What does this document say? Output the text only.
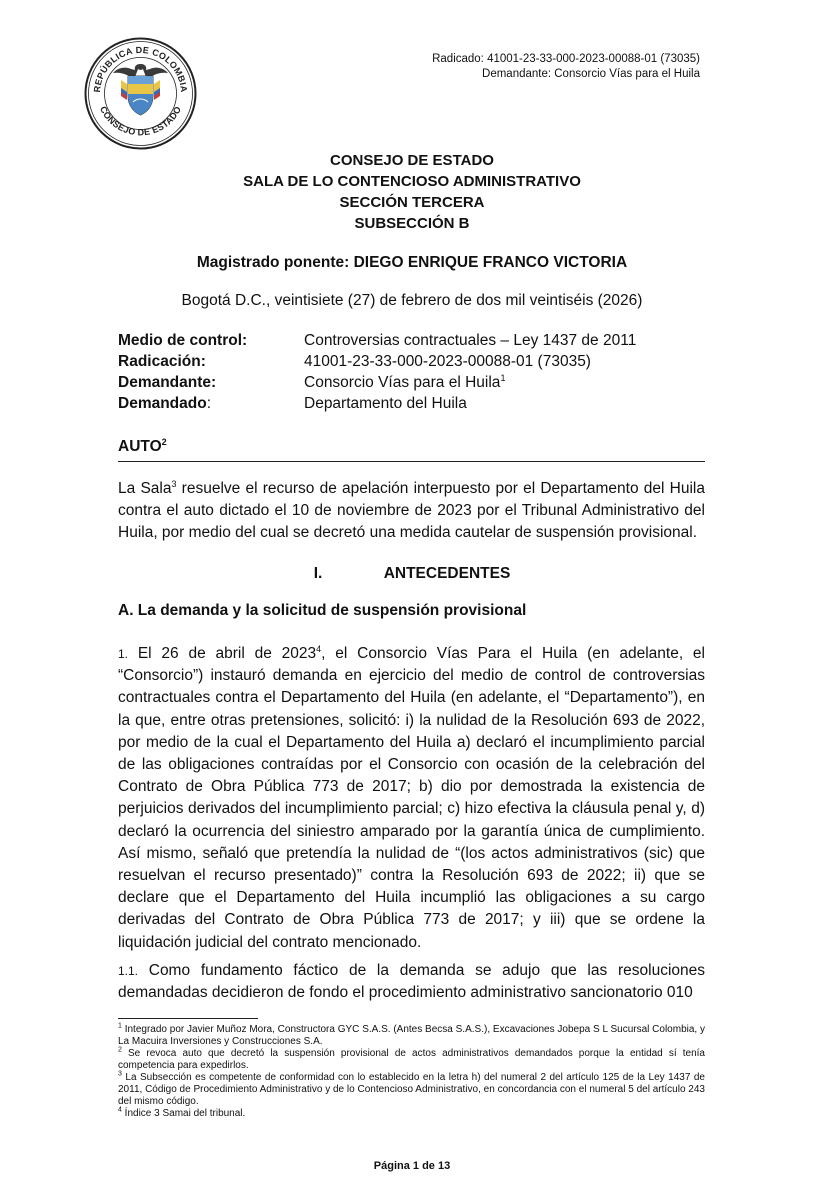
REPÚBLICA DE COLOMBIA
CONSEJO DE ESTADO
Radicado: 41001-23-33-000-2023-00088-01 (73035)
Demandante: Consorcio Vías para el Huila
CONSEJO DE ESTADO
SALA DE LO CONTENCIOSO ADMINISTRATIVO
SECCIÓN TERCERA
SUBSECCIÓN B
Magistrado ponente: DIEGO ENRIQUE FRANCO VICTORIA
Bogotá D.C., veintisiete (27) de febrero de dos mil veintiséis (2026)
Medio de control:	Controversias contractuales – Ley 1437 de 2011
Radicación:	41001-23-33-000-2023-00088-01 (73035)
Demandante:	Consorcio Vías para el Huila$^1$
Demandado:	Departamento del Huila
AUTO$^2$
La Sala$^3$ resuelve el recurso de apelación interpuesto por el Departamento del Huila contra el auto dictado el 10 de noviembre de 2023 por el Tribunal Administrativo del Huila, por medio del cual se decretó una medida cautelar de suspensión provisional.
I.	ANTECEDENTES
A. La demanda y la solicitud de suspensión provisional
1. El 26 de abril de 2023$^4$, el Consorcio Vías Para el Huila (en adelante, el “Consorcio”) instauró demanda en ejercicio del medio de control de controversias contractuales contra el Departamento del Huila (en adelante, el “Departamento”), en la que, entre otras pretensiones, solicitó: i) la nulidad de la Resolución 693 de 2022, por medio de la cual el Departamento del Huila a) declaró el incumplimiento parcial de las obligaciones contraídas por el Consorcio con ocasión de la celebración del Contrato de Obra Pública 773 de 2017; b) dio por demostrada la existencia de perjuicios derivados del incumplimiento parcial; c) hizo efectiva la cláusula penal y, d) declaró la ocurrencia del siniestro amparado por la garantía única de cumplimiento. Así mismo, señaló que pretendía la nulidad de “(los actos administrativos (sic) que resuelvan el recurso presentado)” contra la Resolución 693 de 2022; ii) que se declare que el Departamento del Huila incumplió las obligaciones a su cargo derivadas del Contrato de Obra Pública 773 de 2017; y iii) que se ordene la liquidación judicial del contrato mencionado.
1.1. Como fundamento fáctico de la demanda se adujo que las resoluciones demandadas decidieron de fondo el procedimiento administrativo sancionatorio 010
$^1$ Integrado por Javier Muñoz Mora, Constructora GYC S.A.S. (Antes Becsa S.A.S.), Excavaciones Jobepa S L Sucursal Colombia, y La Macuira Inversiones y Construcciones S.A.
$^2$ Se revoca auto que decretó la suspensión provisional de actos administrativos demandados porque la entidad sí tenía competencia para expedirlos.
$^3$ La Subsección es competente de conformidad con lo establecido en la letra h) del numeral 2 del artículo 125 de la Ley 1437 de 2011, Código de Procedimiento Administrativo y de lo Contencioso Administrativo, en concordancia con el numeral 5 del artículo 243 del mismo código.
$^4$ Índice 3 Samai del tribunal.
Página 1 de 13
